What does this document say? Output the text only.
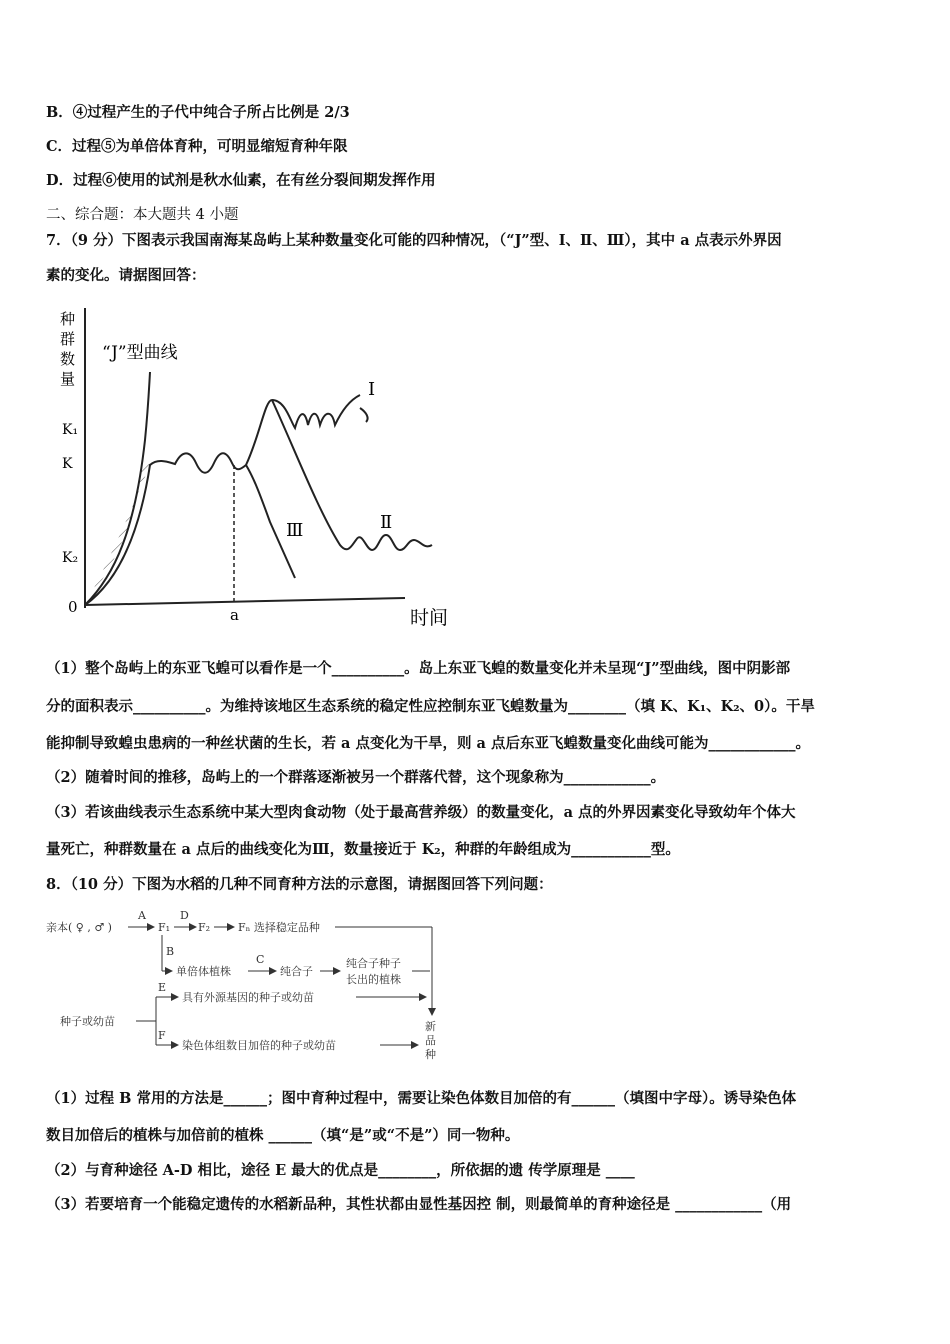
B．④过程产生的子代中纯合子所占比例是 2/3
C．过程⑤为单倍体育种，可明显缩短育种年限
D．过程⑥使用的试剂是秋水仙素，在有丝分裂间期发挥作用
二、综合题：本大题共 4 小题
7．（9 分）下图表示我国南海某岛屿上某种数量变化可能的四种情况，（“J”型、Ⅰ、Ⅱ、Ⅲ），其中 a 点表示外界因
素的变化。请据图回答：
种
群
数
量
K₁
K
K₂
0
“J”型曲线
Ⅰ
Ⅱ
Ⅲ
a	时间
（1）整个岛屿上的东亚飞蝗可以看作是一个__________。岛上东亚飞蝗的数量变化并未呈现“J”型曲线，图中阴影部
分的面积表示__________。为维持该地区生态系统的稳定性应控制东亚飞蝗数量为________（填 K、K₁、K₂、0）。干旱
能抑制导致蝗虫患病的一种丝状菌的生长，若 a 点变化为干旱，则 a 点后东亚飞蝗数量变化曲线可能为____________。
（2）随着时间的推移，岛屿上的一个群落逐渐被另一个群落代替，这个现象称为____________。
（3）若该曲线表示生态系统中某大型肉食动物（处于最高营养级）的数量变化，a 点的外界因素变化导致幼年个体大
量死亡，种群数量在 a 点后的曲线变化为Ⅲ，数量接近于 K₂，种群的年龄组成为___________型。
8．（10 分）下图为水稻的几种不同育种方法的示意图，请据图回答下列问题：
亲本( ♀ , ♂ )
A
F₁
D
F₂	Fₙ 选择稳定品种
B
单倍体植株
C
纯合子
纯合子种子
长出的植株
种子或幼苗
E
具有外源基因的种子或幼苗
F
染色体组数目加倍的种子或幼苗
新
品
种
（1）过程 B 常用的方法是______；图中育种过程中，需要让染色体数目加倍的有______（填图中字母）。诱导染色体
数目加倍后的植株与加倍前的植株 ______（填“是”或“不是”）同一物种。
（2）与育种途径 A-D 相比，途径 E 最大的优点是________，所依据的遗 传学原理是 ____
（3）若要培育一个能稳定遗传的水稻新品种，其性状都由显性基因控 制，则最简单的育种途径是 ____________（用
